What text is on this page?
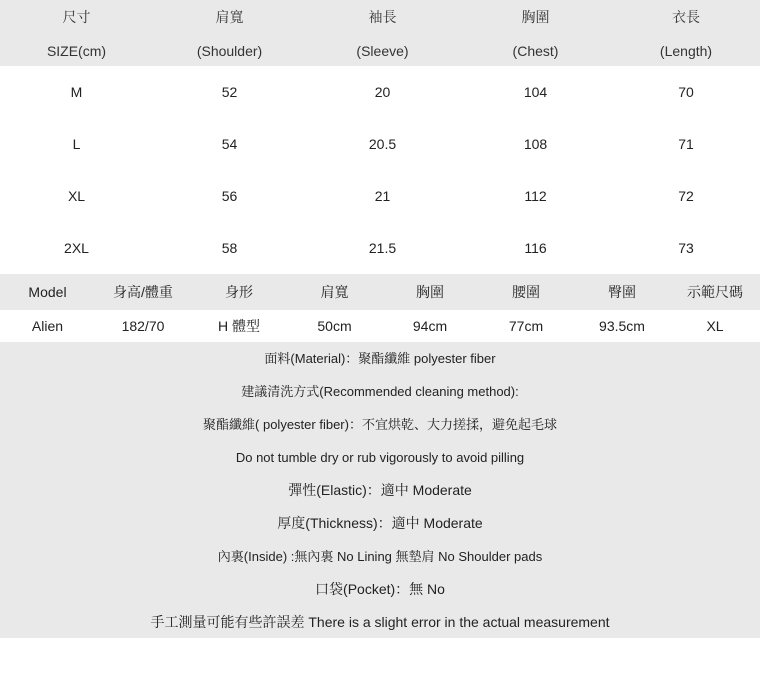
尺寸	肩寬	袖長	胸圍	衣長
SIZE(cm)	(Shoulder)	(Sleeve)	(Chest)	(Length)
M	52	20	104	70
L	54	20.5	108	71
XL	56	21	112	72
2XL	58	21.5	116	73
Model	身高/體重	身形	肩寬	胸圍	腰圍	臀圍	示範尺碼
Alien	182/70	H 體型	50cm	94cm	77cm	93.5cm	XL
面料(Material)：聚酯纖維 polyester fiber
建議清洗方式(Recommended cleaning method):
聚酯纖維( polyester fiber)：不宜烘乾、大力搓揉，避免起毛球
Do not tumble dry or rub vigorously to avoid pilling
彈性(Elastic)：適中 Moderate
厚度(Thickness)：適中 Moderate
內裏(Inside) :無內裏 No Lining 無墊肩 No Shoulder pads
口袋(Pocket)：無 No
手工測量可能有些許誤差 There is a slight error in the actual measurement
